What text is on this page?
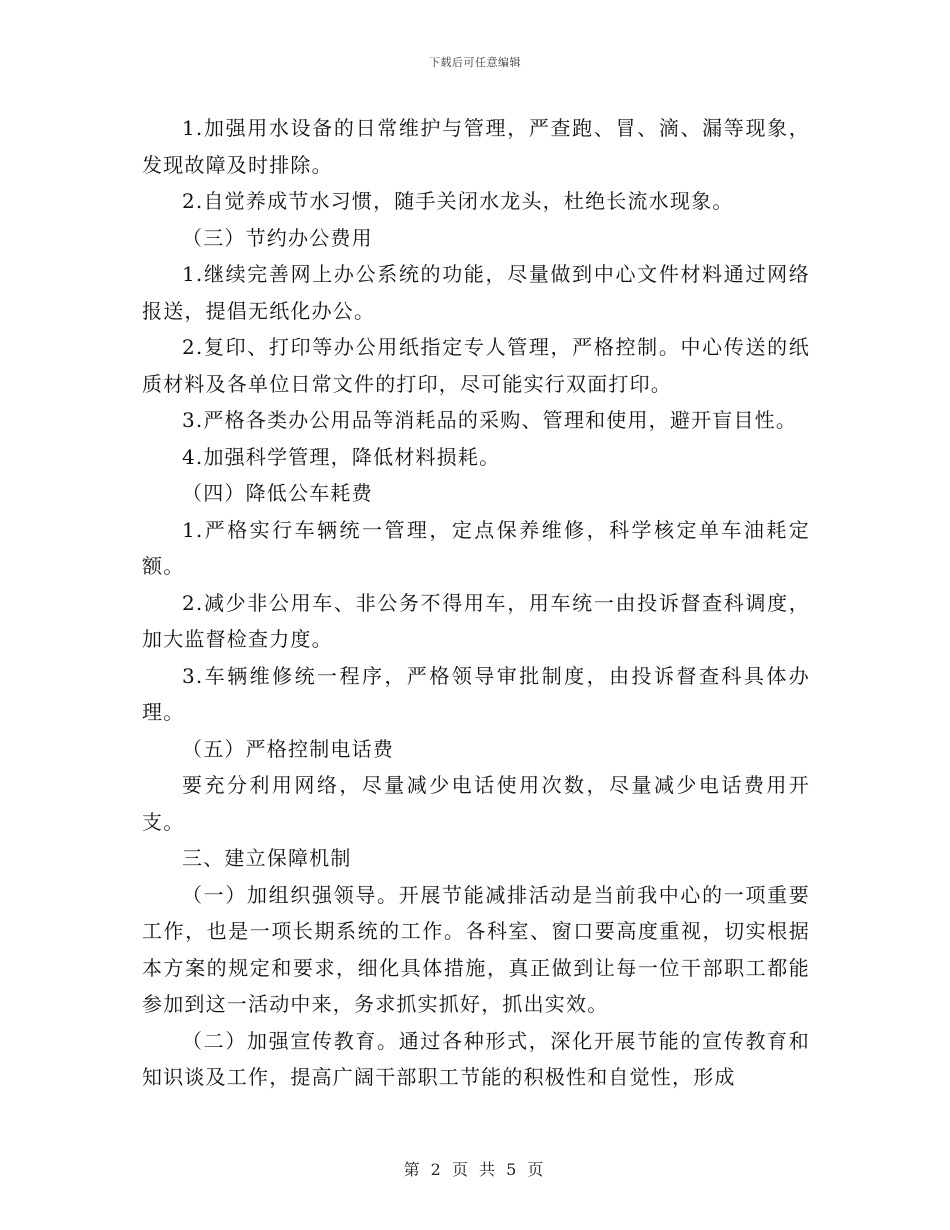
下载后可任意编辑

1.加强用水设备的日常维护与管理，严查跑、冒、滴、漏等现象，发现故障及时排除。

2.自觉养成节水习惯，随手关闭水龙头，杜绝长流水现象。

（三）节约办公费用

1.继续完善网上办公系统的功能，尽量做到中心文件材料通过网络报送，提倡无纸化办公。

2.复印、打印等办公用纸指定专人管理，严格控制。中心传送的纸质材料及各单位日常文件的打印，尽可能实行双面打印。

3.严格各类办公用品等消耗品的采购、管理和使用，避开盲目性。

4.加强科学管理，降低材料损耗。

（四）降低公车耗费

1.严格实行车辆统一管理，定点保养维修，科学核定单车油耗定额。

2.减少非公用车、非公务不得用车，用车统一由投诉督查科调度，加大监督检查力度。

3.车辆维修统一程序，严格领导审批制度，由投诉督查科具体办理。

（五）严格控制电话费

要充分利用网络，尽量减少电话使用次数，尽量减少电话费用开支。

三、建立保障机制

（一）加组织强领导。开展节能减排活动是当前我中心的一项重要工作，也是一项长期系统的工作。各科室、窗口要高度重视，切实根据本方案的规定和要求，细化具体措施，真正做到让每一位干部职工都能参加到这一活动中来，务求抓实抓好，抓出实效。

（二）加强宣传教育。通过各种形式，深化开展节能的宣传教育和知识谈及工作，提高广阔干部职工节能的积极性和自觉性，形成

第 2 页 共 5 页
